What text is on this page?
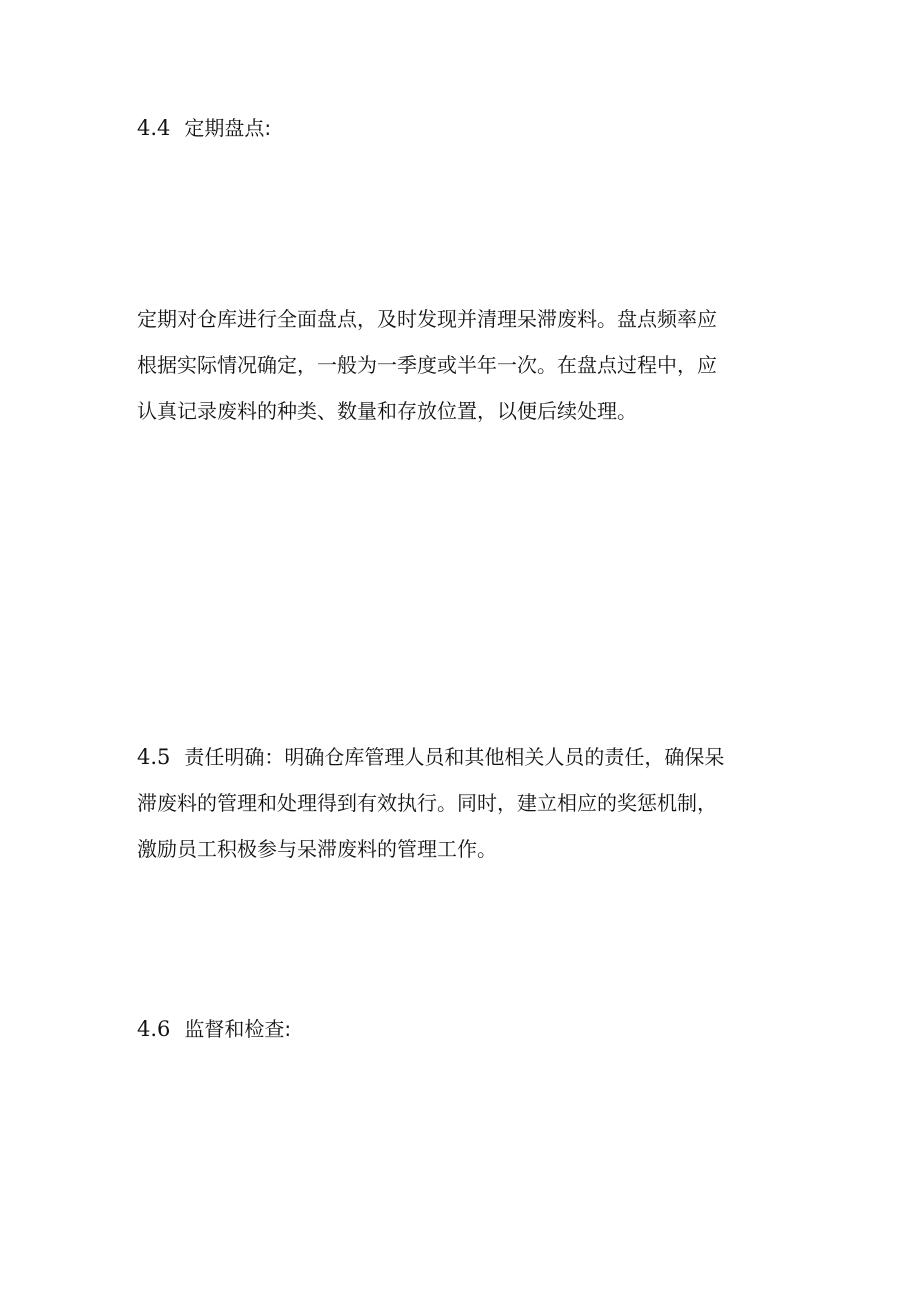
4.4 定期盘点:

定期对仓库进行全面盘点，及时发现并清理呆滞废料。盘点频率应
根据实际情况确定，一般为一季度或半年一次。在盘点过程中，应
认真记录废料的种类、数量和存放位置，以便后续处理。

4.5 责任明确：明确仓库管理人员和其他相关人员的责任，确保呆
滞废料的管理和处理得到有效执行。同时，建立相应的奖惩机制，
激励员工积极参与呆滞废料的管理工作。

4.6 监督和检查:
